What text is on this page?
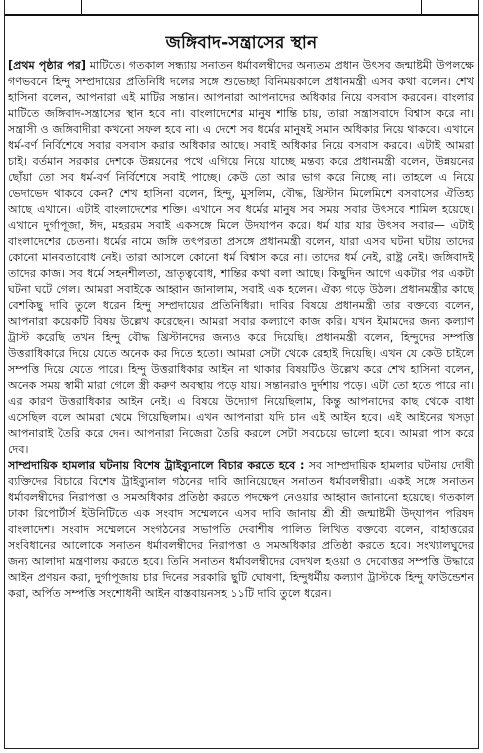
জঙ্গিবাদ-সন্ত্রাসের স্থান

[প্রথম পৃষ্ঠার পর] মাটিতে। গতকাল সন্ধ্যায় সনাতন ধর্মাবলম্বীদের অন্যতম প্রধান উৎসব জন্মাষ্টমী উপলক্ষে গণভবনে হিন্দু সম্প্রদায়ের প্রতিনিধি দলের সঙ্গে শুভেচ্ছা বিনিময়কালে প্রধানমন্ত্রী এসব কথা বলেন। শেখ হাসিনা বলেন, আপনারা এই মাটির সন্তান। আপনারা আপনাদের অধিকার নিয়ে বসবাস করবেন। বাংলার মাটিতে জঙ্গিবাদ-সন্ত্রাসের স্থান হবে না। বাংলাদেশের মানুষ শান্তি চায়, তারা সন্ত্রাসবাদে বিশ্বাস করে না। সন্ত্রাসী ও জঙ্গিবাদীরা কখনো সফল হবে না। এ দেশে সব ধর্মের মানুষই সমান অধিকার নিয়ে থাকবে। এখানে ধর্ম-বর্ণ নির্বিশেষে সবার বসবাস করার অধিকার আছে। সবাই অধিকার নিয়ে বসবাস করবে। এটাই আমরা চাই। বর্তমান সরকার দেশকে উন্নয়নের পথে এগিয়ে নিয়ে যাচ্ছে মন্তব্য করে প্রধানমন্ত্রী বলেন, উন্নয়নের ছোঁয়া তো সব ধর্ম-বর্ণ নির্বিশেষে সবাই পাচ্ছে। কেউ তো আর ভাগ করে নিচ্ছে না। তাহলে এ নিয়ে ভেদাভেদ থাকবে কেন? শেখ হাসিনা বলেন, হিন্দু, মুসলিম, বৌদ্ধ, খ্রিস্টান মিলেমিশে বসবাসের ঐতিহ্য আছে এখানে। এটাই বাংলাদেশের শক্তি। এখানে সব ধর্মের মানুষ সব সময় সবার উৎসবে শামিল হয়েছে। এখানে দুর্গাপূজা, ঈদ, মহররম সবাই একসঙ্গে মিলে উদযাপন করে। ধর্ম যার যার উৎসব সবার— এটাই বাংলাদেশের চেতনা। ধর্মের নামে জঙ্গি তৎপরতা প্রসঙ্গে প্রধানমন্ত্রী বলেন, যারা এসব ঘটনা ঘটায় তাদের কোনো মানবতাবোধ নেই। তারা আসলে কোনো ধর্ম বিশ্বাস করে না। তাদের ধর্ম নেই, রাষ্ট্র নেই। জঙ্গিবাদই তাদের কাজ। সব ধর্মে সহনশীলতা, ভ্রাতৃত্ববোধ, শান্তির কথা বলা আছে। কিছুদিন আগে একটার পর একটা ঘটনা ঘটে গেল। আমরা সবাইকে আহ্বান জানালাম, সবাই এক হলেন। ঐক্য গড়ে উঠল। প্রধানমন্ত্রীর কাছে বেশকিছু দাবি তুলে ধরেন হিন্দু সম্প্রদায়ের প্রতিনিধিরা। দাবির বিষয়ে প্রধানমন্ত্রী তার বক্তব্যে বলেন, আপনারা কয়েকটি বিষয় উল্লেখ করেছেন। আমরা সবার কল্যাণে কাজ করি। যখন ইমামদের জন্য কল্যাণ ট্রাস্ট করেছি তখন হিন্দু বৌদ্ধ খ্রিস্টানদের জন্যও করে দিয়েছি। প্রধানমন্ত্রী বলেন, হিন্দুদের সম্পত্তি উত্তরাধিকারে দিয়ে যেতে অনেক কর দিতে হতো। আমরা সেটা থেকে রেহাই দিয়েছি। এখন যে কেউ চাইলে সম্পত্তি দিয়ে যেতে পারে। হিন্দু উত্তরাধিকার আইন না থাকার বিষয়টিও উল্লেখ করে শেখ হাসিনা বলেন, অনেক সময় স্বামী মারা গেলে স্ত্রী করুণ অবস্থায় পড়ে যায়। সন্তানরাও দুর্দশায় পড়ে। এটা তো হতে পারে না। এর কারণ উত্তরাধিকার আইন নেই। এ বিষয়ে উদ্যোগ নিয়েছিলাম, কিন্তু আপনাদের কাছ থেকে বাধা এসেছিল বলে আমরা থেমে গিয়েছিলাম। এখন আপনারা যদি চান এই আইন হবে। এই আইনের খসড়া আপনারাই তৈরি করে দেন। আপনারা নিজেরা তৈরি করলে সেটা সবচেয়ে ভালো হবে। আমরা পাস করে দেব।

সাম্প্রদায়িক হামলার ঘটনায় বিশেষ ট্রাইব্যুনালে বিচার করতে হবে : সব সাম্প্রদায়িক হামলার ঘটনায় দোষী ব্যক্তিদের বিচারে বিশেষ ট্রাইব্যুনাল গঠনের দাবি জানিয়েছেন সনাতন ধর্মাবলম্বীরা। একই সঙ্গে সনাতন ধর্মাবলম্বীদের নিরাপত্তা ও সমঅধিকার প্রতিষ্ঠা করতে পদক্ষেপ নেওয়ার আহ্বান জানানো হয়েছে। গতকাল ঢাকা রিপোর্টার্স ইউনিটিতে এক সংবাদ সম্মেলনে এসব দাবি জানায় শ্রী শ্রী জন্মাষ্টমী উদ্‌যাপন পরিষদ বাংলাদেশ। সংবাদ সম্মেলনে সংগঠনের সভাপতি দেবাশীষ পালিত লিখিত বক্তব্যে বলেন, বাহাত্তরের সংবিধানের আলোকে সনাতন ধর্মাবলম্বীদের নিরাপত্তা ও সমঅধিকার প্রতিষ্ঠা করতে হবে। সংখ্যালঘুদের জন্য আলাদা মন্ত্রণালয় করতে হবে। তিনি সনাতন ধর্মাবলম্বীদের বেদখল হওয়া ও দেবোত্তর সম্পত্তি উদ্ধারে আইন প্রণয়ন করা, দুর্গাপূজায় চার দিনের সরকারি ছুটি ঘোষণা, হিন্দুধর্মীয় কল্যাণ ট্রাস্টকে হিন্দু ফাউন্ডেশন করা, অর্পিত সম্পত্তি সংশোধনী আইন বাস্তবায়নসহ ১১টি দাবি তুলে ধরেন।
